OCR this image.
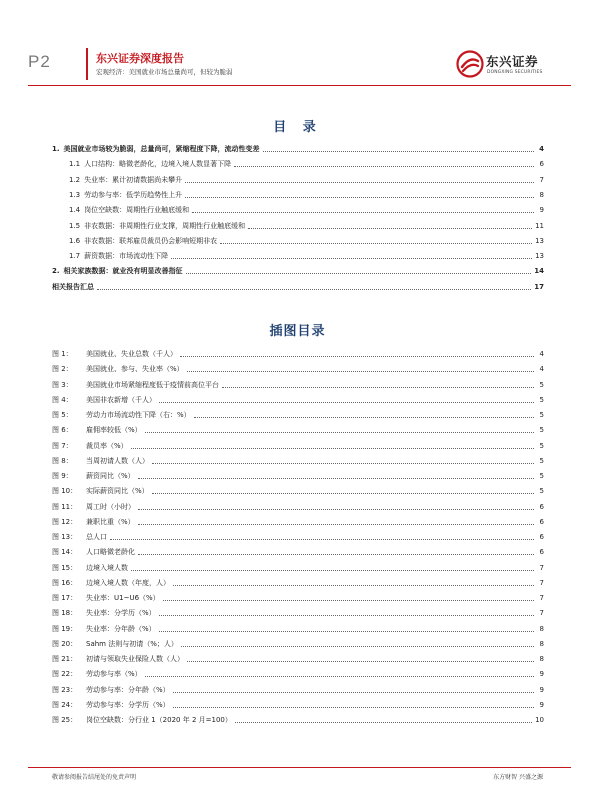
P2	东兴证券深度报告
宏观经济：美国就业市场总量尚可，但较为脆弱
东兴证券
DONGXING SECURITIES
目 录
插图目录
敬请参阅报告结尾处的免责声明	东方财智 兴盛之源
1. 美国就业市场较为脆弱，总量尚可，紧缩程度下降，流动性变差	4
1.1 人口结构：略微老龄化，边境入境人数显著下降	6
1.2 失业率：累计初请数据尚未攀升	7
1.3 劳动参与率：低学历趋势性上升	8
1.4 岗位空缺数：周期性行业触底缓和	9
1.5 非农数据：非周期性行业支撑，周期性行业触底缓和	11
1.6 非农数据：联邦雇员裁员仍会影响短期非农	13
1.7 薪资数据：市场流动性下降	13
2. 相关家族数据：就业没有明显改善指征	14
相关报告汇总	17
图 1：	美国就业、失业总数（千人）	4
图 2：	美国就业、参与、失业率（%）	4
图 3：	美国就业市场紧缩程度低于疫情前高位平台	5
图 4：	美国非农新增（千人）	5
图 5：	劳动力市场流动性下降（右：%）	5
图 6：	雇佣率较低（%）	5
图 7：	裁员率（%）	5
图 8：	当周初请人数（人）	5
图 9：	薪资同比（%）	5
图 10：	实际薪资同比（%）	5
图 11：	周工时（小时）	6
图 12：	兼职比重（%）	6
图 13：	总人口	6
图 14：	人口略微老龄化	6
图 15：	边境入境人数	7
图 16：	边境入境人数（年度，人）	7
图 17：	失业率：U1~U6（%）	7
图 18：	失业率：分学历（%）	7
图 19：	失业率：分年龄（%）	8
图 20：	Sahm 法则与初请（%；人）	8
图 21：	初请与领取失业保险人数（人）	8
图 22：	劳动参与率（%）	9
图 23：	劳动参与率：分年龄（%）	9
图 24：	劳动参与率：分学历（%）	9
图 25：	岗位空缺数：分行业 1（2020 年 2 月=100）	10
